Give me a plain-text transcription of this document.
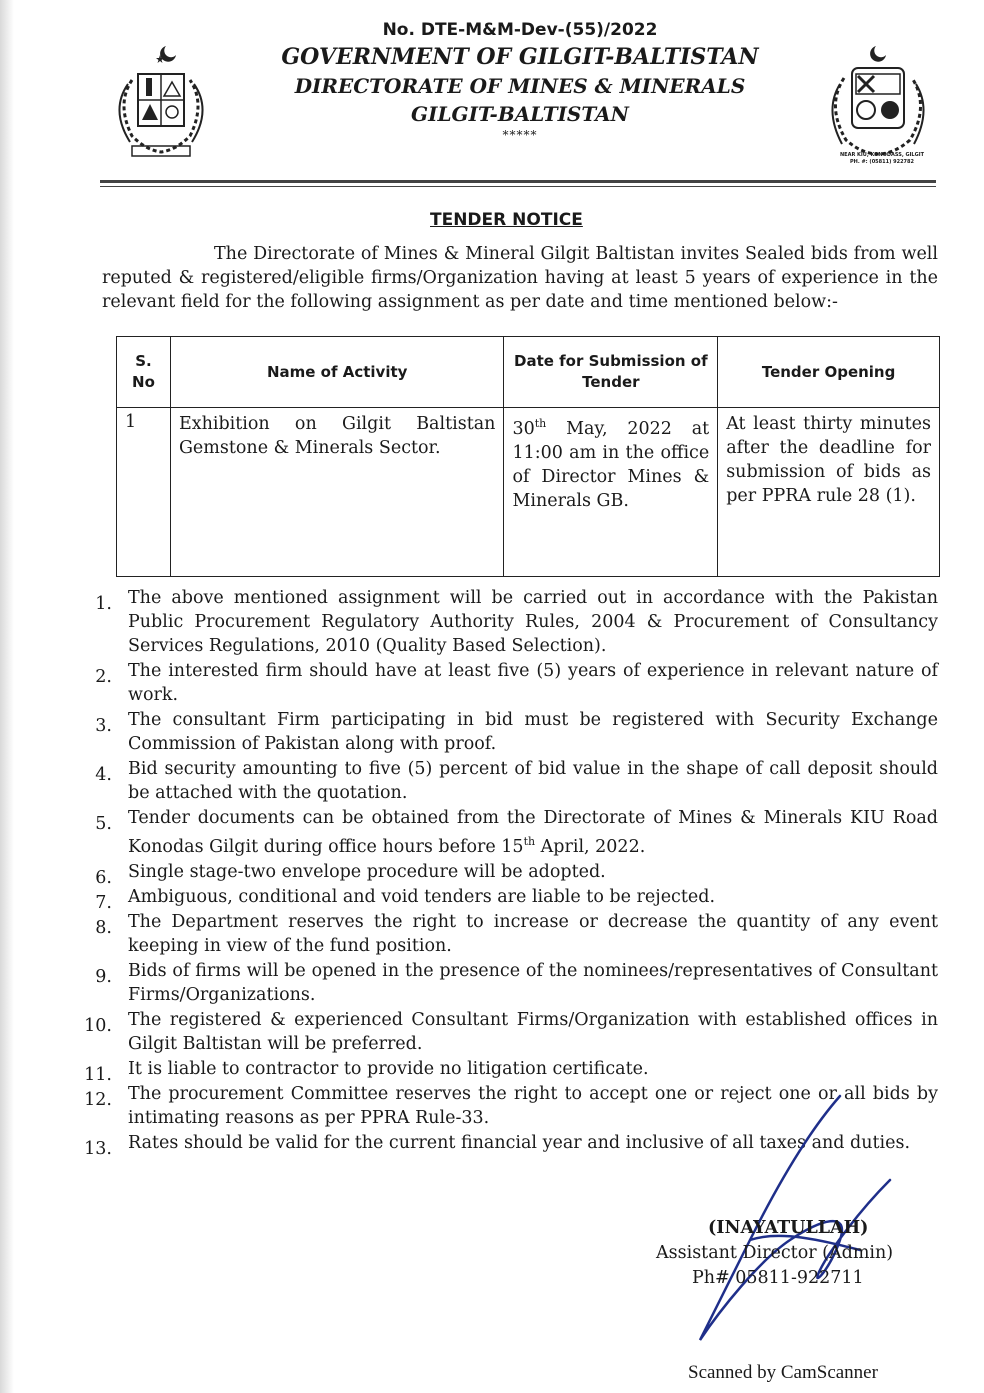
NEAR KIU, KONODASS, GILGIT
PH. #: (05811) 922782
No. DTE-M&M-Dev-(55)/2022
GOVERNMENT OF GILGIT-BALTISTAN
DIRECTORATE OF MINES & MINERALS
GILGIT-BALTISTAN
*****
TENDER NOTICE
The Directorate of Mines & Mineral Gilgit Baltistan invites Sealed bids from well reputed & registered/eligible firms/Organization having at least 5 years of experience in the relevant field for the following assignment as per date and time mentioned below:-
S. No	Name of Activity	Date for Submission of Tender	Tender Opening
1	Exhibition on Gilgit Baltistan Gemstone & Minerals Sector.	30th May, 2022 at 11:00 am in the office of Director Mines & Minerals GB.	At least thirty minutes after the deadline for submission of bids as per PPRA rule 28 (1).
1. The above mentioned assignment will be carried out in accordance with the Pakistan Public Procurement Regulatory Authority Rules, 2004 & Procurement of Consultancy Services Regulations, 2010 (Quality Based Selection).
2. The interested firm should have at least five (5) years of experience in relevant nature of work.
3. The consultant Firm participating in bid must be registered with Security Exchange Commission of Pakistan along with proof.
4. Bid security amounting to five (5) percent of bid value in the shape of call deposit should be attached with the quotation.
5. Tender documents can be obtained from the Directorate of Mines & Minerals KIU Road Konodas Gilgit during office hours before 15th April, 2022.
6. Single stage-two envelope procedure will be adopted.
7. Ambiguous, conditional and void tenders are liable to be rejected.
8. The Department reserves the right to increase or decrease the quantity of any event keeping in view of the fund position.
9. Bids of firms will be opened in the presence of the nominees/representatives of Consultant Firms/Organizations.
10. The registered & experienced Consultant Firms/Organization with established offices in Gilgit Baltistan will be preferred.
11. It is liable to contractor to provide no litigation certificate.
12. The procurement Committee reserves the right to accept one or reject one or all bids by intimating reasons as per PPRA Rule-33.
13. Rates should be valid for the current financial year and inclusive of all taxes and duties.
(INAYATULLAH)
Assistant Director (Admin)
Ph# 05811-922711
Scanned by CamScanner
